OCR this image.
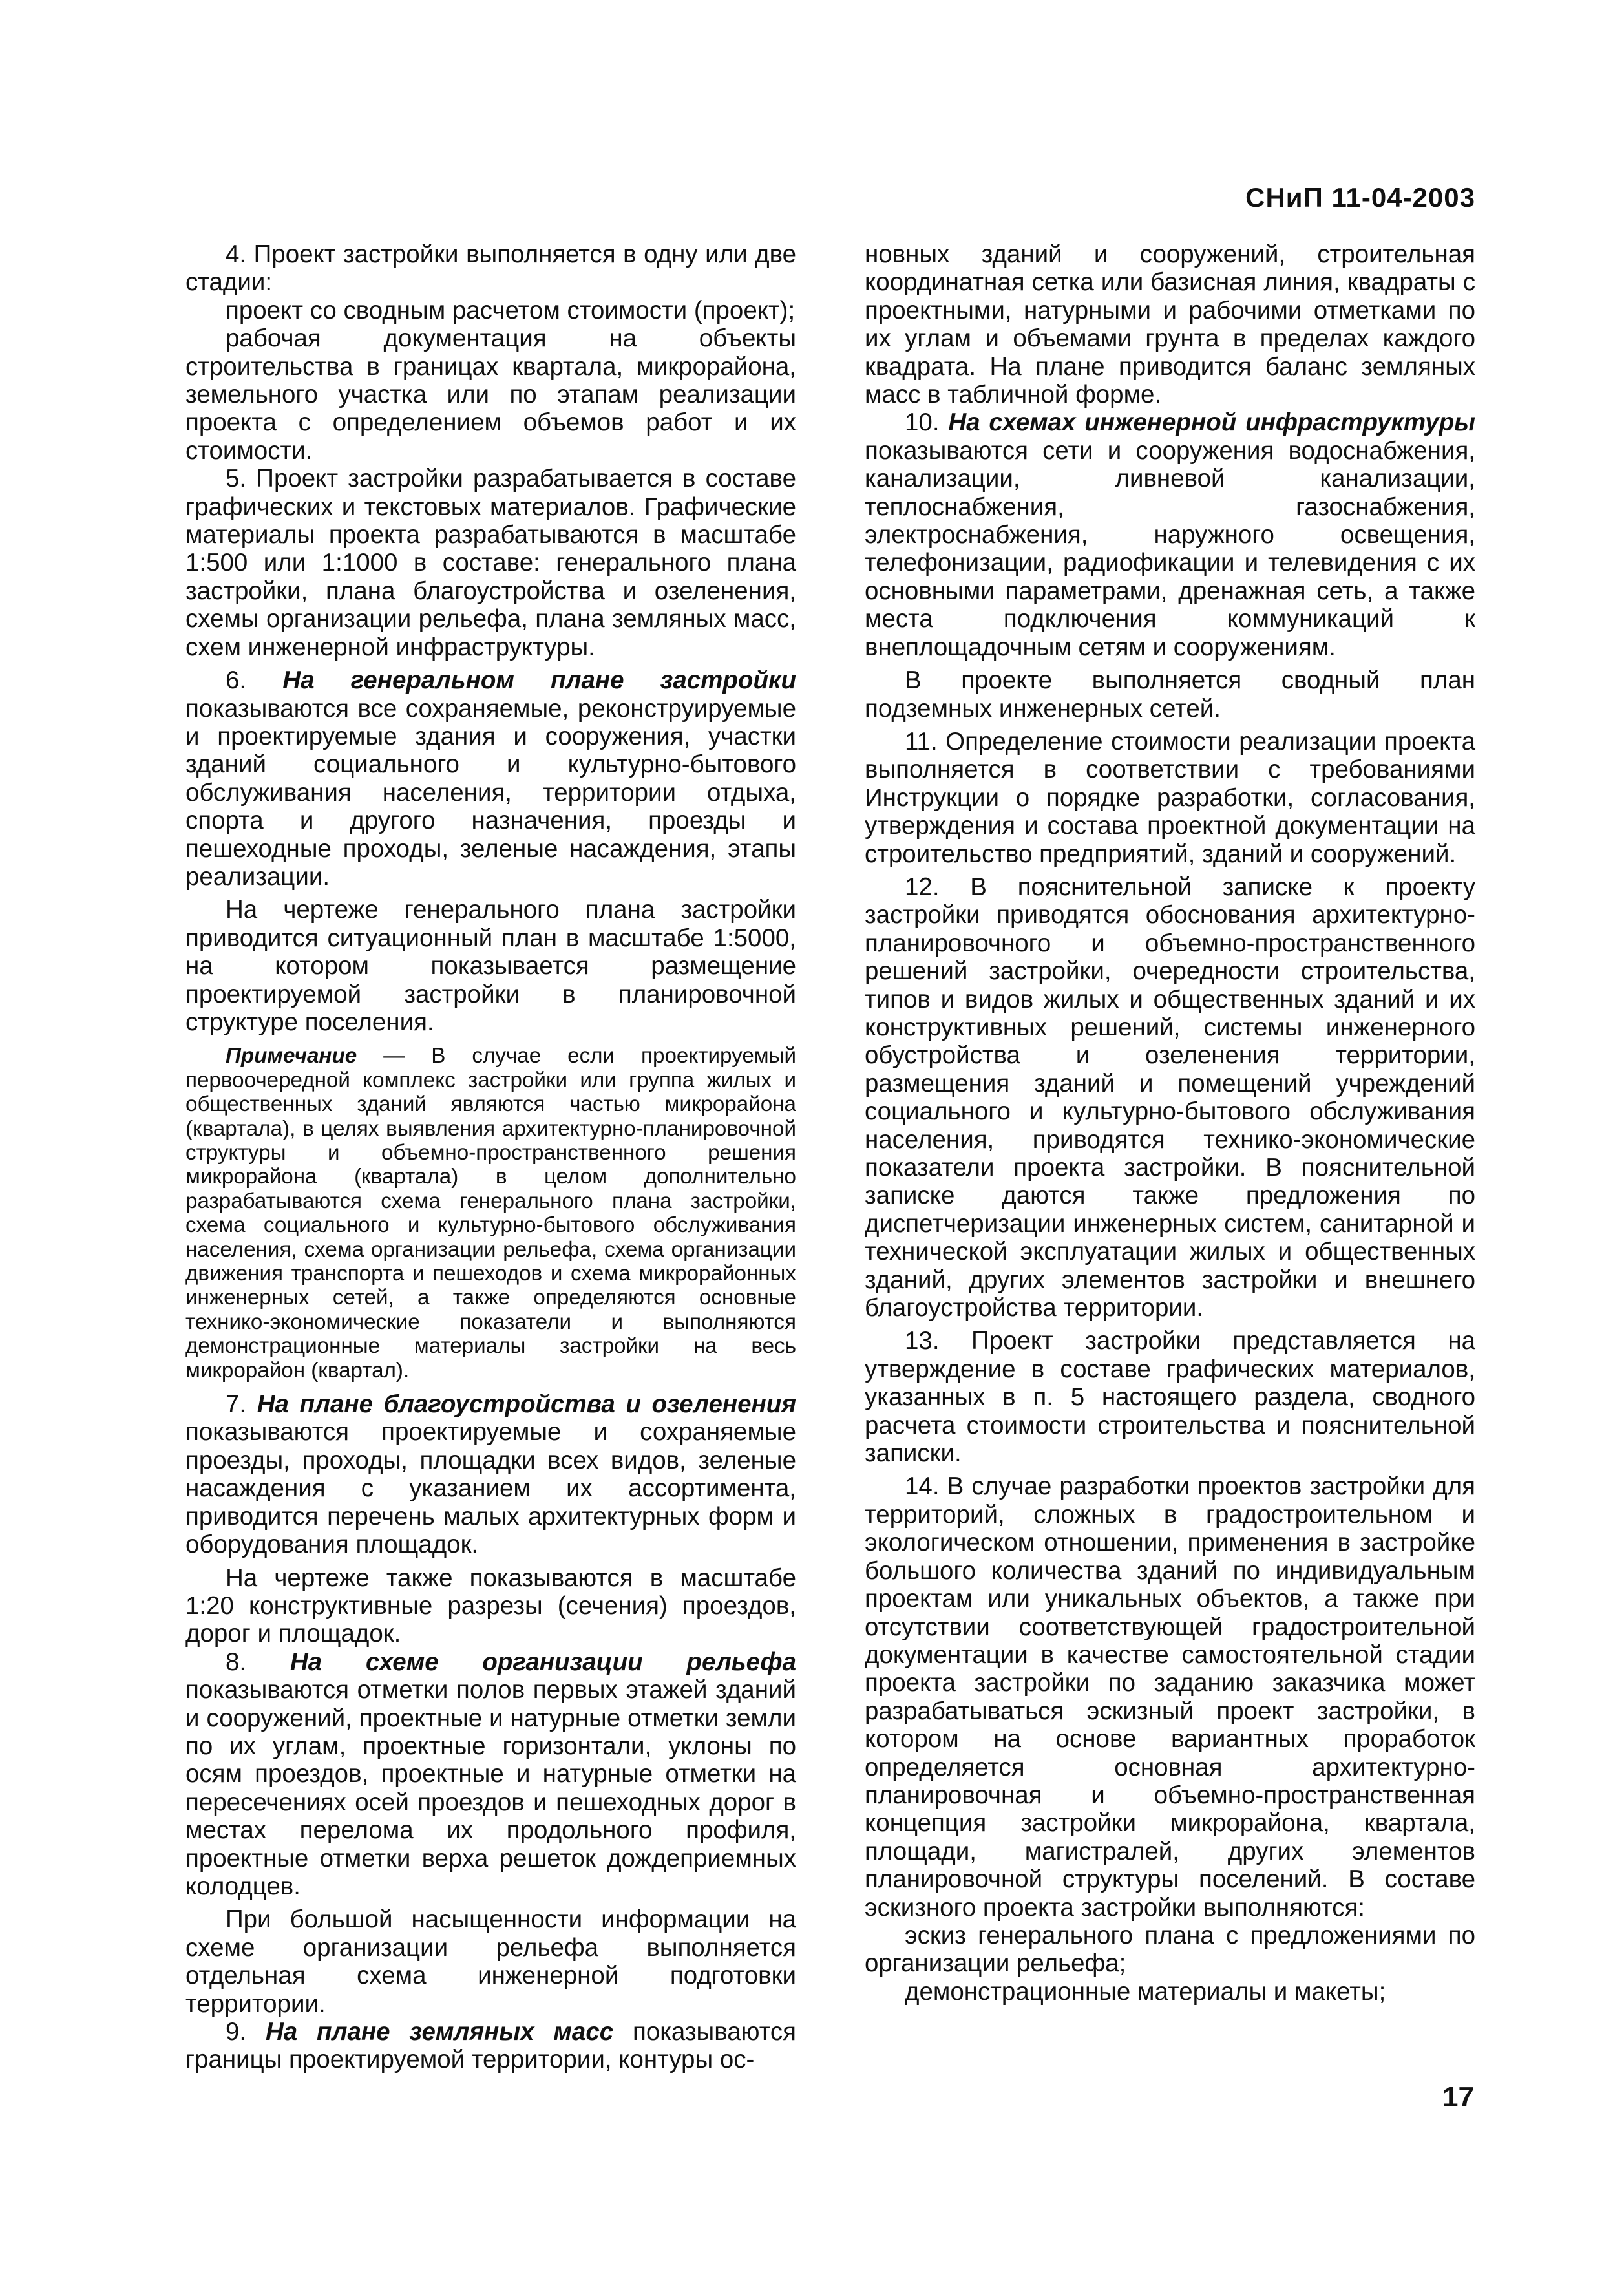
СНиП 11-04-2003

4. Проект застройки выполняется в одну или две стадии:

проект со сводным расчетом стоимости (проект);

рабочая документация на объекты строительства в границах квартала, микрорайона, земельного участка или по этапам реализации проекта с определением объемов работ и их стоимости.

5. Проект застройки разрабатывается в составе графических и текстовых материалов. Графические материалы проекта разрабатываются в масштабе 1:500 или 1:1000 в составе: генерального плана застройки, плана благоустройства и озеленения, схемы организации рельефа, плана земляных масс, схем инженерной инфраструктуры.

6. На генеральном плане застройки показываются все сохраняемые, реконструируемые и проектируемые здания и сооружения, участки зданий социального и культурно-бытового обслуживания населения, территории отдыха, спорта и другого назначения, проезды и пешеходные проходы, зеленые насаждения, этапы реализации.

На чертеже генерального плана застройки приводится ситуационный план в масштабе 1:5000, на котором показывается размещение проектируемой застройки в планировочной структуре поселения.

Примечание — В случае если проектируемый первоочередной комплекс застройки или группа жилых и общественных зданий являются частью микрорайона (квартала), в целях выявления архитектурно-планировочной структуры и объемно-пространственного решения микрорайона (квартала) в целом дополнительно разрабатываются схема генерального плана застройки, схема социального и культурно-бытового обслуживания населения, схема организации рельефа, схема организации движения транспорта и пешеходов и схема микрорайонных инженерных сетей, а также определяются основные технико-экономические показатели и выполняются демонстрационные материалы застройки на весь микрорайон (квартал).

7. На плане благоустройства и озеленения показываются проектируемые и сохраняемые проезды, проходы, площадки всех видов, зеленые насаждения с указанием их ассортимента, приводится перечень малых архитектурных форм и оборудования площадок.

На чертеже также показываются в масштабе 1:20 конструктивные разрезы (сечения) проездов, дорог и площадок.

8. На схеме организации рельефа показываются отметки полов первых этажей зданий и сооружений, проектные и натурные отметки земли по их углам, проектные горизонтали, уклоны по осям проездов, проектные и натурные отметки на пересечениях осей проездов и пешеходных дорог в местах перелома их продольного профиля, проектные отметки верха решеток дождеприемных колодцев.

При большой насыщенности информации на схеме организации рельефа выполняется отдельная схема инженерной подготовки территории.

9. На плане земляных масс показываются границы проектируемой территории, контуры ос-

новных зданий и сооружений, строительная координатная сетка или базисная линия, квадраты с проектными, натурными и рабочими отметками по их углам и объемами грунта в пределах каждого квадрата. На плане приводится баланс земляных масс в табличной форме.

10. На схемах инженерной инфраструктуры показываются сети и сооружения водоснабжения, канализации, ливневой канализации, теплоснабжения, газоснабжения, электроснабжения, наружного освещения, телефонизации, радиофикации и телевидения с их основными параметрами, дренажная сеть, а также места подключения коммуникаций к внеплощадочным сетям и сооружениям.

В проекте выполняется сводный план подземных инженерных сетей.

11. Определение стоимости реализации проекта выполняется в соответствии с требованиями Инструкции о порядке разработки, согласования, утверждения и состава проектной документации на строительство предприятий, зданий и сооружений.

12. В пояснительной записке к проекту застройки приводятся обоснования архитектурно-планировочного и объемно-пространственного решений застройки, очередности строительства, типов и видов жилых и общественных зданий и их конструктивных решений, системы инженерного обустройства и озеленения территории, размещения зданий и помещений учреждений социального и культурно-бытового обслуживания населения, приводятся технико-экономические показатели проекта застройки. В пояснительной записке даются также предложения по диспетчеризации инженерных систем, санитарной и технической эксплуатации жилых и общественных зданий, других элементов застройки и внешнего благоустройства территории.

13. Проект застройки представляется на утверждение в составе графических материалов, указанных в п. 5 настоящего раздела, сводного расчета стоимости строительства и пояснительной записки.

14. В случае разработки проектов застройки для территорий, сложных в градостроительном и экологическом отношении, применения в застройке большого количества зданий по индивидуальным проектам или уникальных объектов, а также при отсутствии соответствующей градостроительной документации в качестве самостоятельной стадии проекта застройки по заданию заказчика может разрабатываться эскизный проект застройки, в котором на основе вариантных проработок определяется основная архитектурно-планировочная и объемно-пространственная концепция застройки микрорайона, квартала, площади, магистралей, других элементов планировочной структуры поселений. В составе эскизного проекта застройки выполняются:

эскиз генерального плана с предложениями по организации рельефа;

демонстрационные материалы и макеты;

17
